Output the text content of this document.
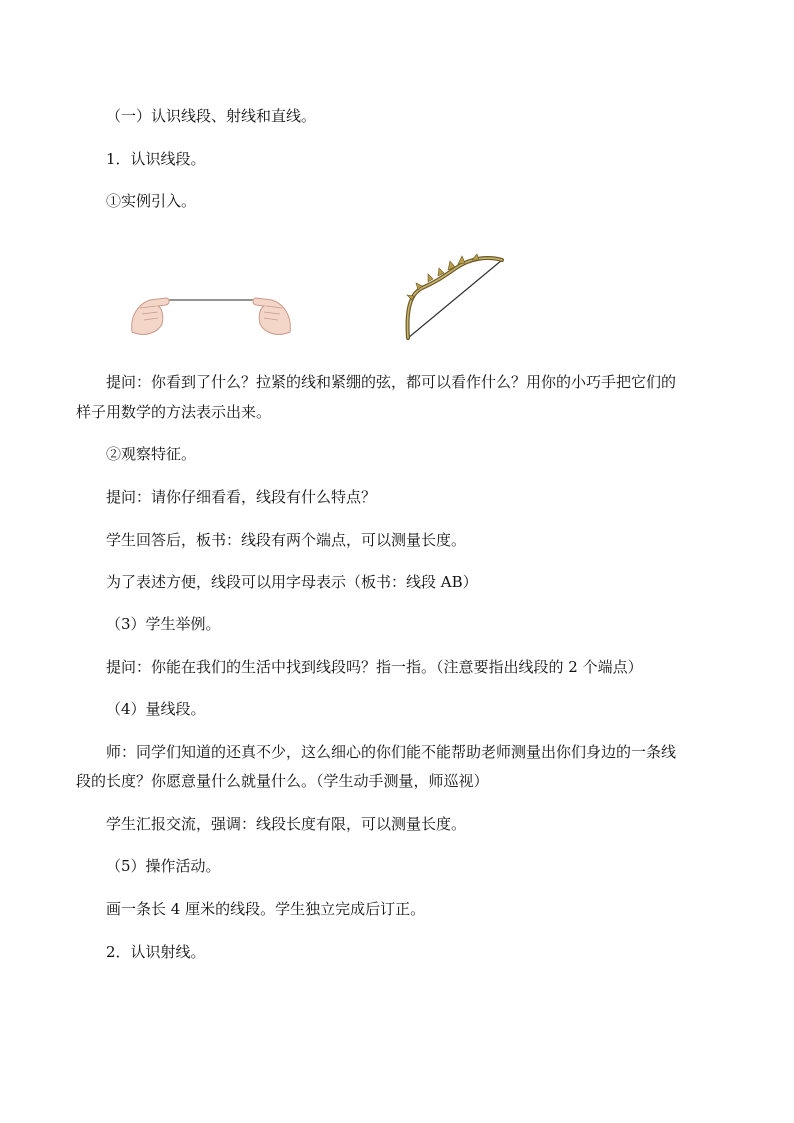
（一）认识线段、射线和直线。
1．认识线段。
①实例引入。
提问：你看到了什么？拉紧的线和紧绷的弦，都可以看作什么？用你的小巧手把它们的
样子用数学的方法表示出来。
②观察特征。
提问：请你仔细看看，线段有什么特点？
学生回答后，板书：线段有两个端点，可以测量长度。
为了表述方便，线段可以用字母表示（板书：线段 AB）
（3）学生举例。
提问：你能在我们的生活中找到线段吗？指一指。（注意要指出线段的 2 个端点）
（4）量线段。
师：同学们知道的还真不少，这么细心的你们能不能帮助老师测量出你们身边的一条线
段的长度？你愿意量什么就量什么。（学生动手测量，师巡视）
学生汇报交流，强调：线段长度有限，可以测量长度。
（5）操作活动。
画一条长 4 厘米的线段。学生独立完成后订正。
2．认识射线。
